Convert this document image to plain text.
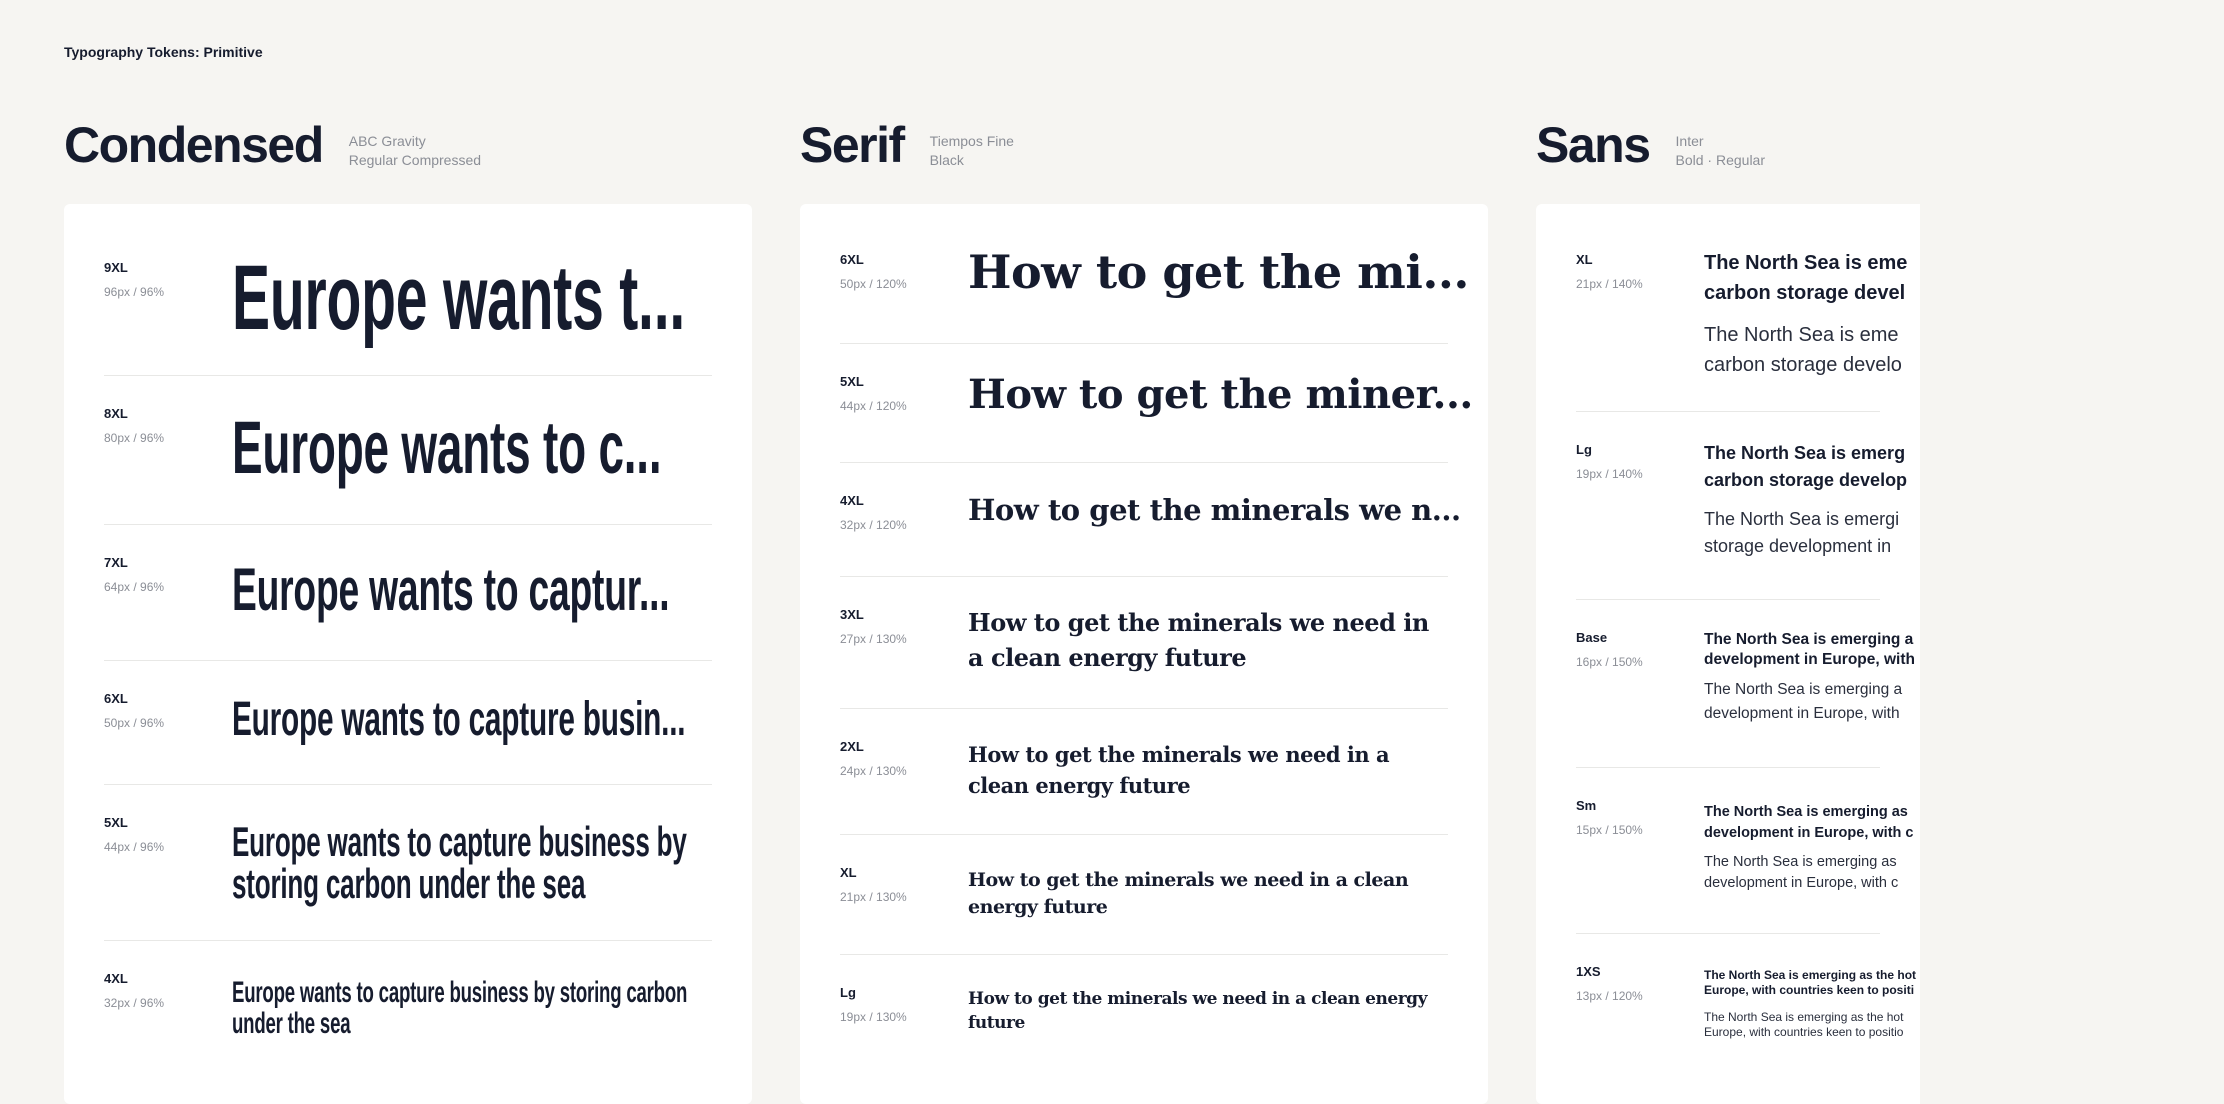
Typography Tokens: Primitive
Condensed ABC Gravity
Regular Compressed
9XL
96px / 96% Europe wants t...
8XL
80px / 96% Europe wants to c...
7XL
64px / 96%	Europe wants to captur...
6XL
50px / 96%	Europe wants to capture busin...
5XL
44px / 96%	Europe wants to capture business by storing carbon under the sea
4XL
32px / 96%	Europe wants to capture business by storing carbon under the sea
Serif Tiempos Fine
Black
6XL
50px / 120%	How to get the mi...
5XL
44px / 120%	How to get the miner...
4XL
32px / 120%	How to get the minerals we n...
3XL
27px / 130%
How to get the minerals we need in a clean energy future
2XL
24px / 130%
How to get the minerals we need in a clean energy future
XL
21px / 130%
How to get the minerals we need in a clean energy future
Lg
19px / 130%
How to get the minerals we need in a clean energy future
Sans Inter
Bold · Regular
XL
21px / 140%
The North Sea is eme
carbon storage devel
The North Sea is eme
carbon storage develo
Lg
19px / 140%
The North Sea is emerg
carbon storage develop
The North Sea is emergi
storage development in
Base
16px / 150%
The North Sea is emerging a
development in Europe, with
The North Sea is emerging a
development in Europe, with
Sm
15px / 150%
The North Sea is emerging as
development in Europe, with c
The North Sea is emerging as
development in Europe, with c
1XS
13px / 120%
The North Sea is emerging as the hot
Europe, with countries keen to positi
The North Sea is emerging as the hot
Europe, with countries keen to positio
